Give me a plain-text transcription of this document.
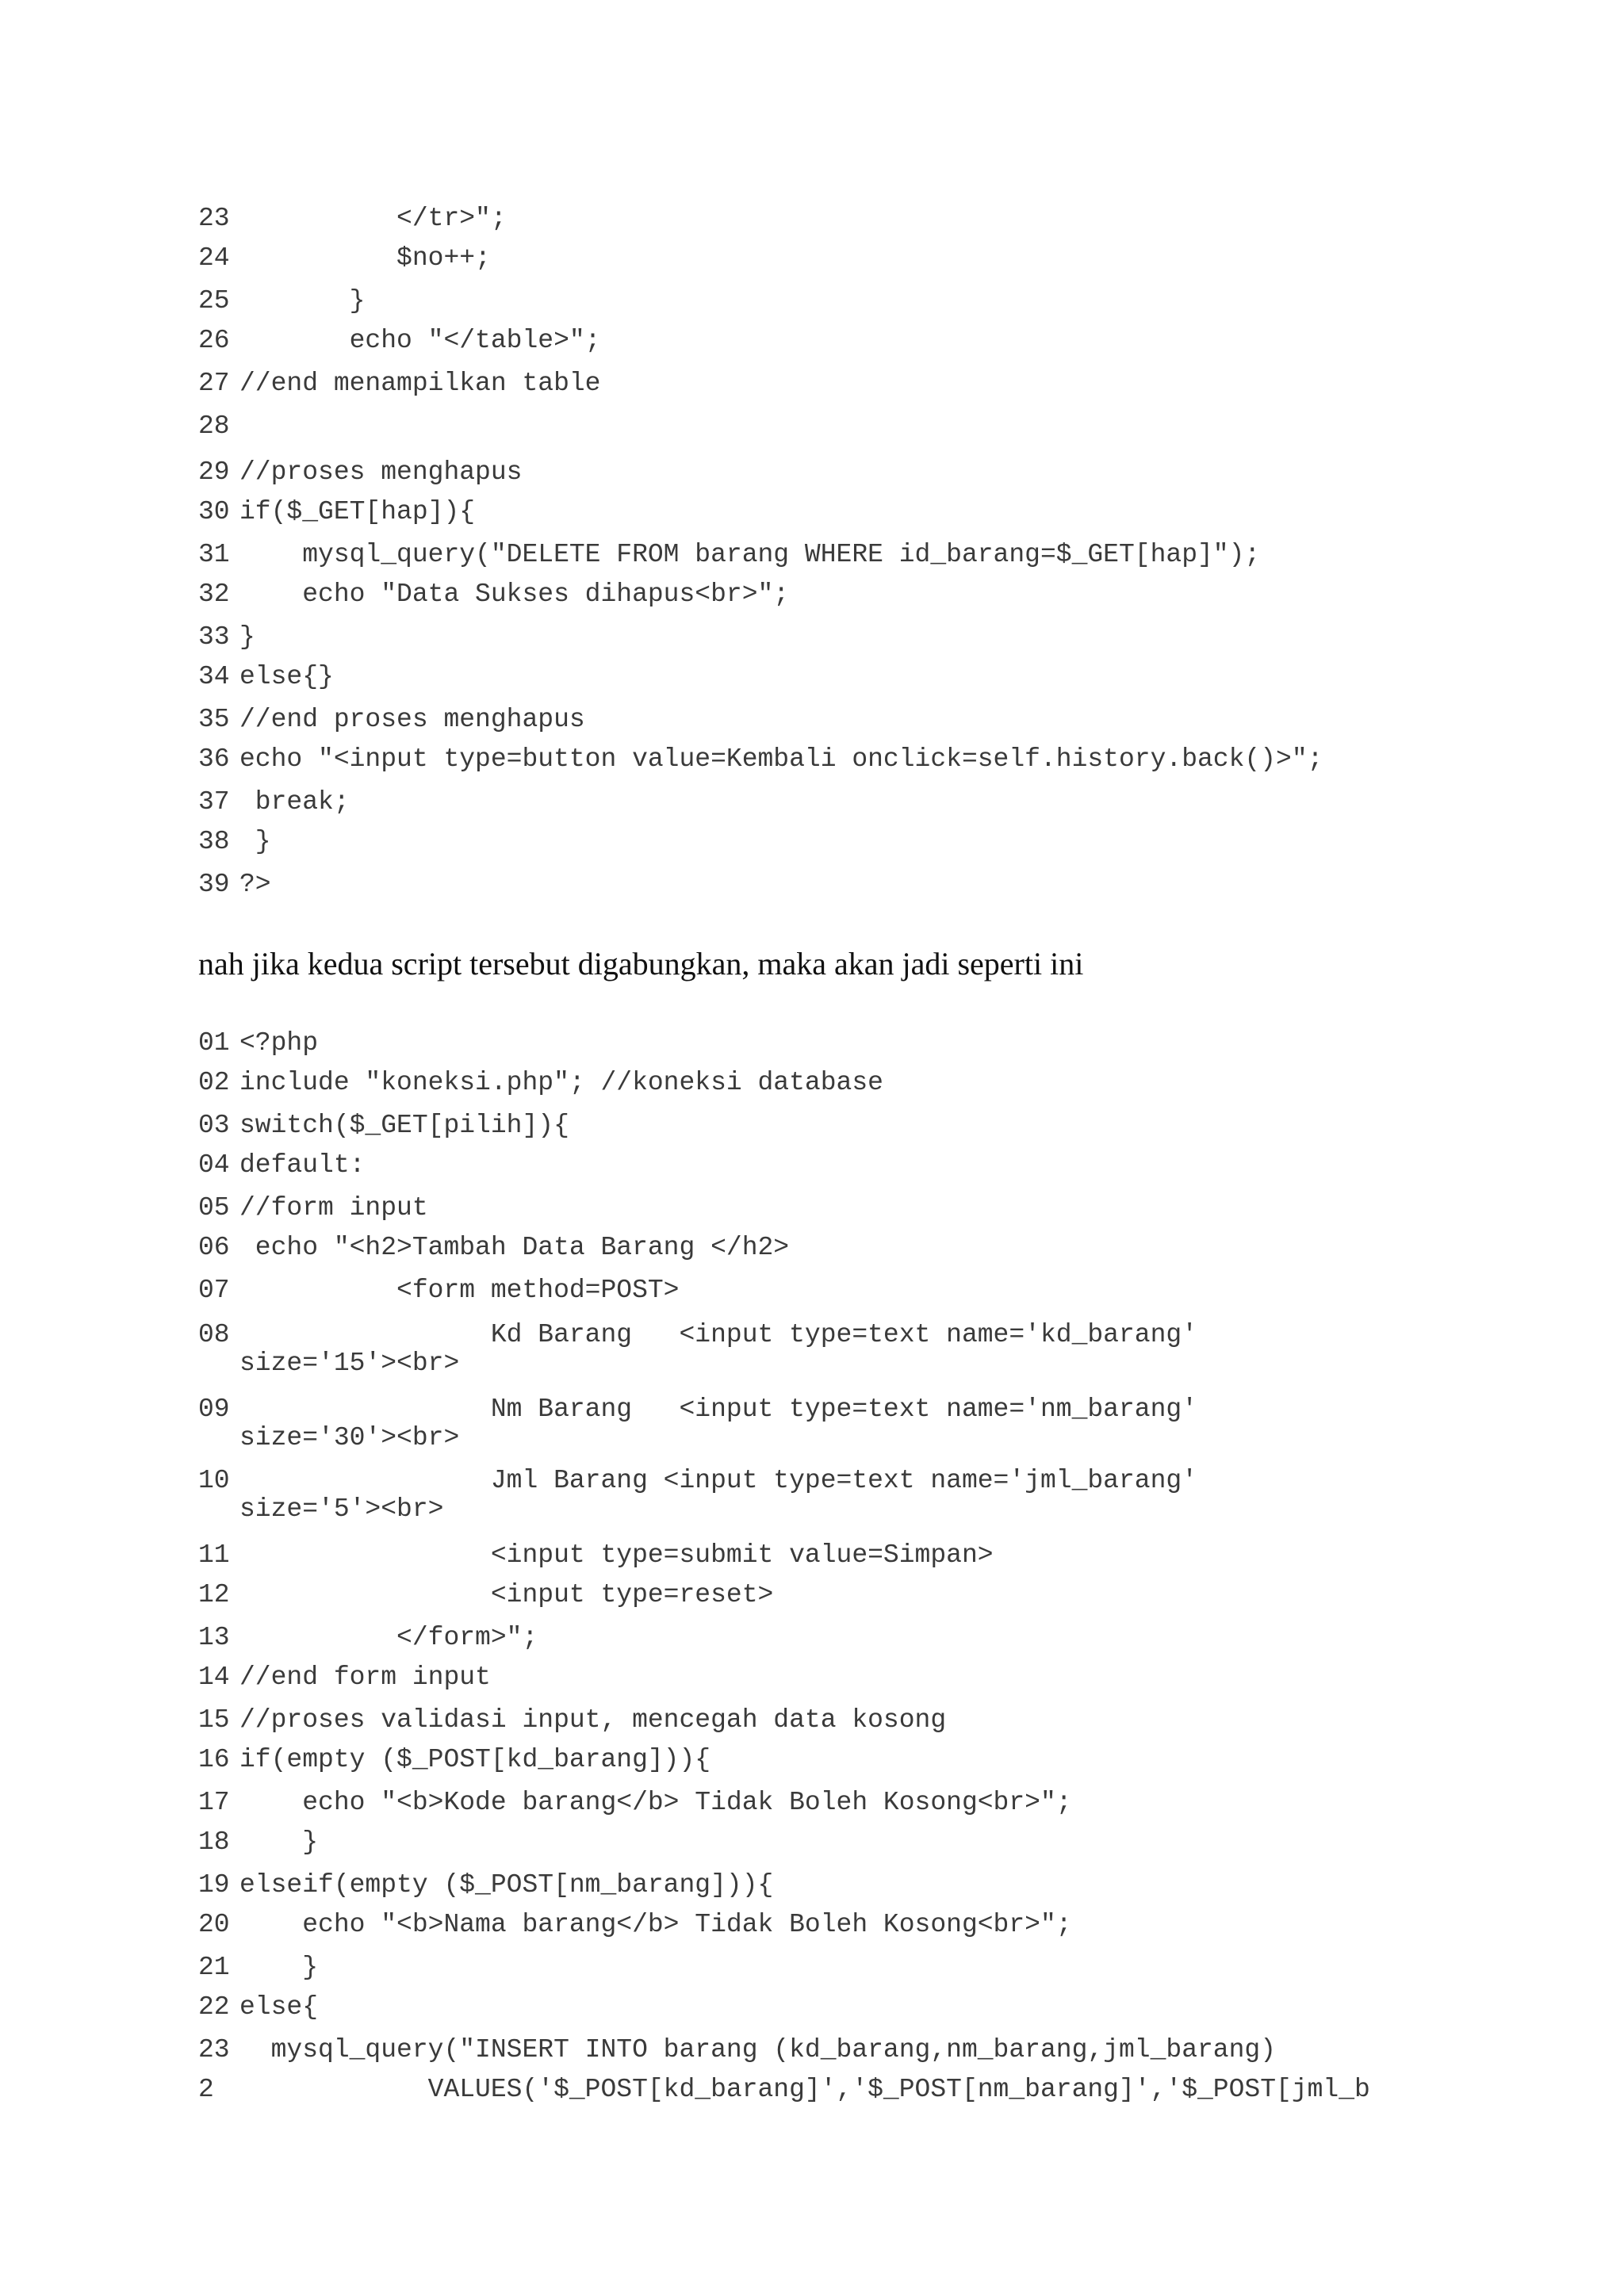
23          </tr>";
24          $no++;
25       }
26       echo "</table>";
27 //end menampilkan table
28
29 //proses menghapus
30 if($_GET[hap]){
31    mysql_query("DELETE FROM barang WHERE id_barang=$_GET[hap]");
32    echo "Data Sukses dihapus<br>";
33 }
34 else{}
35 //end proses menghapus
36 echo "<input type=button value=Kembali onclick=self.history.back()>";
37 break;
38 }
39 ?>
nah jika kedua script tersebut digabungkan, maka akan jadi seperti ini
01 <?php
02 include "koneksi.php"; //koneksi database
03 switch($_GET[pilih]){
04 default:
05 //form input
06 echo "<h2>Tambah Data Barang </h2>
07          <form method=POST>
08                Kd Barang   <input type=text name='kd_barang'
size='15'><br>
09                Nm Barang   <input type=text name='nm_barang'
size='30'><br>
10                Jml Barang <input type=text name='jml_barang'
size='5'><br>
11                <input type=submit value=Simpan>
12                <input type=reset>
13          </form>";
14 //end form input
15 //proses validasi input, mencegah data kosong
16 if(empty ($_POST[kd_barang])){
17    echo "<b>Kode barang</b> Tidak Boleh Kosong<br>";
18    }
19 elseif(empty ($_POST[nm_barang])){
20    echo "<b>Nama barang</b> Tidak Boleh Kosong<br>";
21    }
22 else{
23  mysql_query("INSERT INTO barang (kd_barang,nm_barang,jml_barang)
2            VALUES('$_POST[kd_barang]','$_POST[nm_barang]','$_POST[jml_b
